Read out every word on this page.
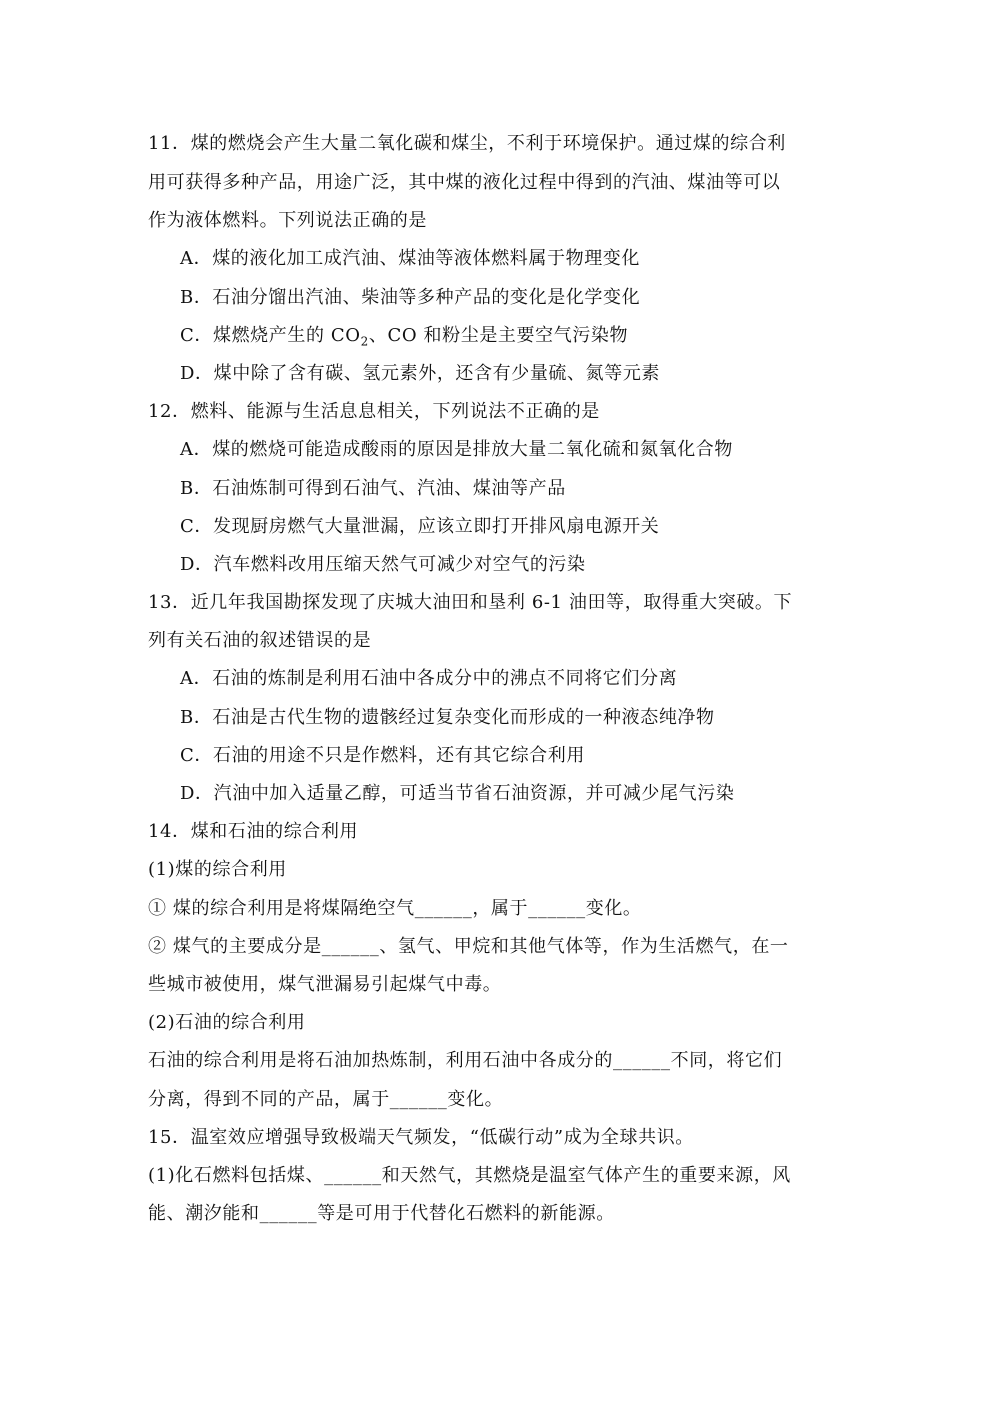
11．煤的燃烧会产生大量二氧化碳和煤尘，不利于环境保护。通过煤的综合利
用可获得多种产品，用途广泛，其中煤的液化过程中得到的汽油、煤油等可以
作为液体燃料。下列说法正确的是
A．煤的液化加工成汽油、煤油等液体燃料属于物理变化
B．石油分馏出汽油、柴油等多种产品的变化是化学变化
C．煤燃烧产生的 $CO_2$、CO 和粉尘是主要空气污染物
D．煤中除了含有碳、氢元素外，还含有少量硫、氮等元素
12．燃料、能源与生活息息相关，下列说法不正确的是
A．煤的燃烧可能造成酸雨的原因是排放大量二氧化硫和氮氧化合物
B．石油炼制可得到石油气、汽油、煤油等产品
C．发现厨房燃气大量泄漏，应该立即打开排风扇电源开关
D．汽车燃料改用压缩天然气可减少对空气的污染
13．近几年我国勘探发现了庆城大油田和垦利 6-1 油田等，取得重大突破。下
列有关石油的叙述错误的是
A．石油的炼制是利用石油中各成分中的沸点不同将它们分离
B．石油是古代生物的遗骸经过复杂变化而形成的一种液态纯净物
C．石油的用途不只是作燃料，还有其它综合利用
D．汽油中加入适量乙醇，可适当节省石油资源，并可减少尾气污染
14．煤和石油的综合利用
(1)煤的综合利用
① 煤的综合利用是将煤隔绝空气______，属于______变化。
② 煤气的主要成分是______、氢气、甲烷和其他气体等，作为生活燃气，在一
些城市被使用，煤气泄漏易引起煤气中毒。
(2)石油的综合利用
石油的综合利用是将石油加热炼制，利用石油中各成分的______不同，将它们
分离，得到不同的产品，属于______变化。
15．温室效应增强导致极端天气频发，“低碳行动”成为全球共识。
(1)化石燃料包括煤、______和天然气，其燃烧是温室气体产生的重要来源，风
能、潮汐能和______等是可用于代替化石燃料的新能源。
